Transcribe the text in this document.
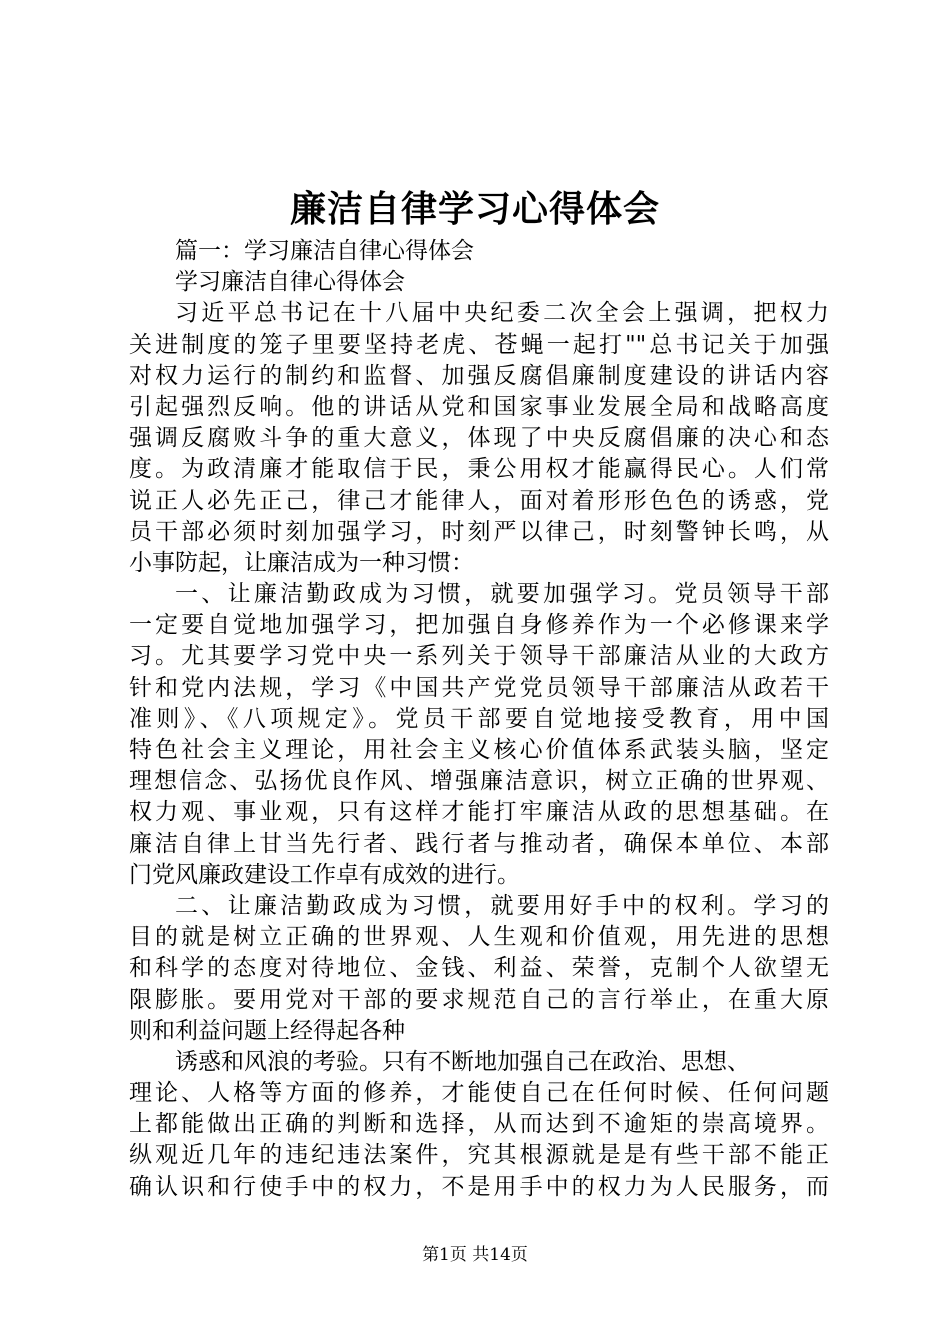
廉洁自律学习心得体会
篇一：学习廉洁自律心得体会
学习廉洁自律心得体会
习近平总书记在十八届中央纪委二次全会上强调，把权力
关进制度的笼子里要坚持老虎、苍蝇一起打""总书记关于加强
对权力运行的制约和监督、加强反腐倡廉制度建设的讲话内容
引起强烈反响。他的讲话从党和国家事业发展全局和战略高度
强调反腐败斗争的重大意义，体现了中央反腐倡廉的决心和态
度。为政清廉才能取信于民，秉公用权才能赢得民心。人们常
说正人必先正己，律己才能律人，面对着形形色色的诱惑，党
员干部必须时刻加强学习，时刻严以律己，时刻警钟长鸣，从
小事防起，让廉洁成为一种习惯：
一、让廉洁勤政成为习惯，就要加强学习。党员领导干部
一定要自觉地加强学习，把加强自身修养作为一个必修课来学
习。尤其要学习党中央一系列关于领导干部廉洁从业的大政方
针和党内法规，学习《中国共产党党员领导干部廉洁从政若干
准则》、《八项规定》。党员干部要自觉地接受教育，用中国
特色社会主义理论，用社会主义核心价值体系武装头脑，坚定
理想信念、弘扬优良作风、增强廉洁意识，树立正确的世界观、
权力观、事业观，只有这样才能打牢廉洁从政的思想基础。在
廉洁自律上甘当先行者、践行者与推动者，确保本单位、本部
门党风廉政建设工作卓有成效的进行。
二、让廉洁勤政成为习惯，就要用好手中的权利。学习的
目的就是树立正确的世界观、人生观和价值观，用先进的思想
和科学的态度对待地位、金钱、利益、荣誉，克制个人欲望无
限膨胀。要用党对干部的要求规范自己的言行举止，在重大原
则和利益问题上经得起各种
诱惑和风浪的考验。只有不断地加强自己在政治、思想、
理论、人格等方面的修养，才能使自己在任何时候、任何问题
上都能做出正确的判断和选择，从而达到不逾矩的崇高境界。
纵观近几年的违纪违法案件，究其根源就是是有些干部不能正
确认识和行使手中的权力，不是用手中的权力为人民服务，而
第1页 共14页
